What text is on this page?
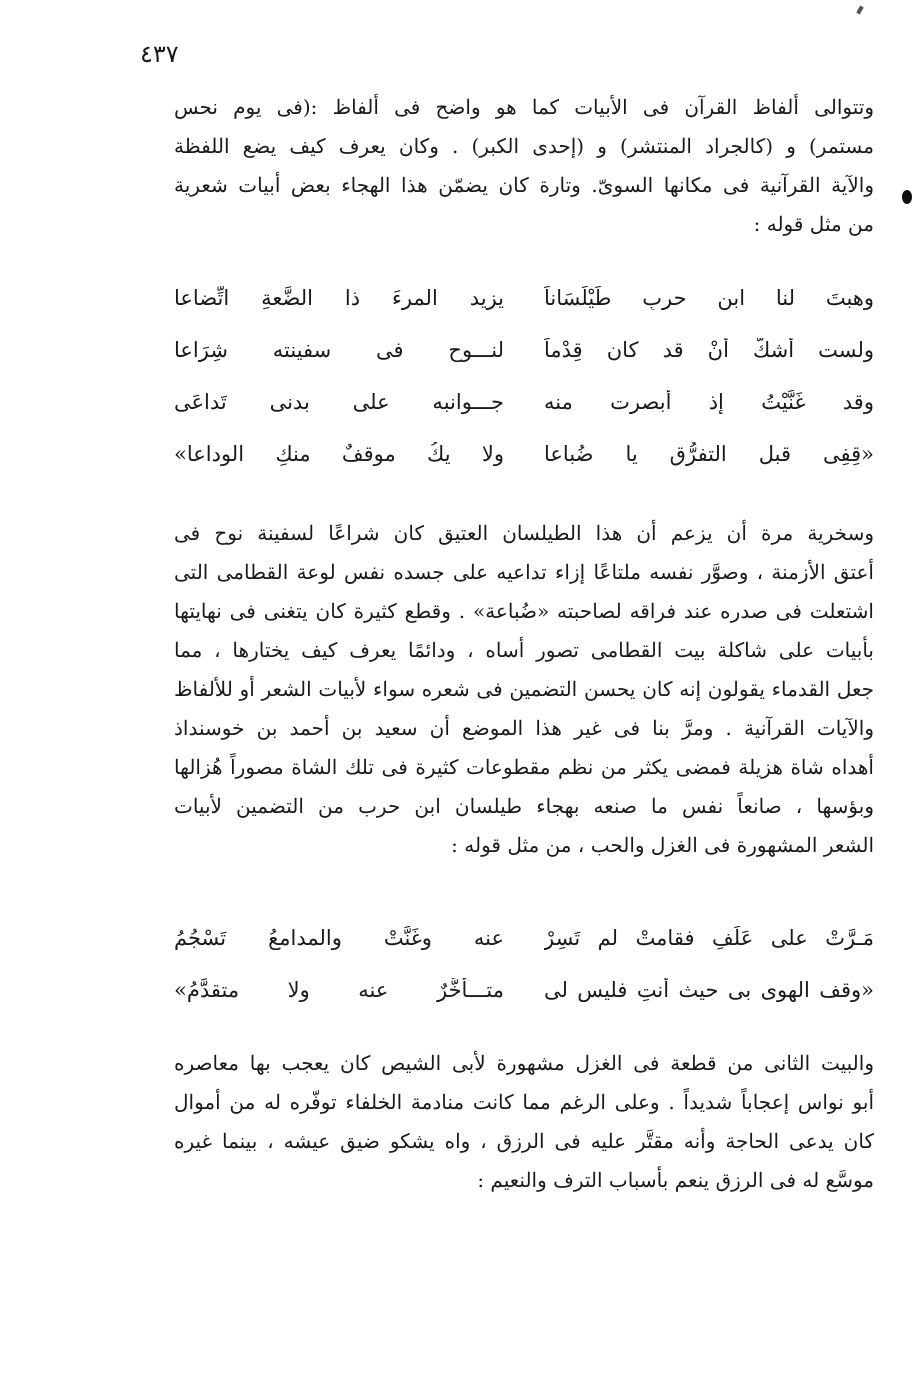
٤٣٧

وتتوالى ألفاظ القرآن فى الأبيات كما هو واضح فى ألفاظ :(فى يوم نحس
مستمر) و (كالجراد المنتشر) و (إحدى الكبر) . وكان يعرف كيف يضع اللفظة
والآية القرآنية فى مكانها السوىّ. وتارة كان يضمّن هذا الهجاء بعض أبيات شعرية
من مثل قوله :

وهبتَ لنا ابن حربٍ طَيْلَسَاناً
يزيد المرءَ ذا الضَّعةِ اتِّضاعا
ولست أشكُّ أنْ قد كان قِدْماً
لنـــوحٍ فى سفينته شِرَاعا
وقد غَنَّيْتُ إذ أبصرت منه
جـــوانبه على بدنى تَداعَى
«قِفِى قبل التفرُّق يا ضُباعا
ولا يكُ موقفٌ منكِ الوداعا»

وسخرية مرة أن يزعم أن هذا الطيلسان العتيق كان شراعًا لسفينة نوح فى
أعتق الأزمنة ، وصوَّر نفسه ملتاعًا إزاء تداعيه على جسده نفس لوعة القطامى التى
اشتعلت فى صدره عند فراقه لصاحبته «ضُباعة» . وقطع كثيرة كان يتغنى فى نهايتها
بأبيات على شاكلة بيت القطامى تصور أساه ، ودائمًا يعرف كيف يختارها ، مما
جعل القدماء يقولون إنه كان يحسن التضمين فى شعره سواء لأبيات الشعر أو للألفاظ
والآيات القرآنية . ومرَّ بنا فى غير هذا الموضع أن سعيد بن أحمد بن خوسنداذ
أهداه شاة هزيلة فمضى يكثر من نظم مقطوعات كثيرة فى تلك الشاة مصوراً هُزالها
وبؤسها ، صانعاً نفس ما صنعه بهجاء طيلسان ابن حرب من التضمين لأبيات
الشعر المشهورة فى الغزل والحب ، من مثل قوله :

مَـرَّتْ على عَلَفٍ فقامتْ لم تَسِرْ
عنه وغَنَّتْ والمدامعُ تَسْجُمُ
«وقف الهوى بى حيث أنتِ فليس لى
متـــأخَّرٌ عنه ولا متقدَّمُ»

والبيت الثانى من قطعة فى الغزل مشهورة لأبى الشيص كان يعجب بها معاصره
أبو نواس إعجاباً شديداً . وعلى الرغم مما كانت منادمة الخلفاء توفّره له من أموال
كان يدعى الحاجة وأنه مقتَّر عليه فى الرزق ، واه يشكو ضيق عيشه ، بينما غيره
موسَّع له فى الرزق ينعم بأسباب الترف والنعيم :
